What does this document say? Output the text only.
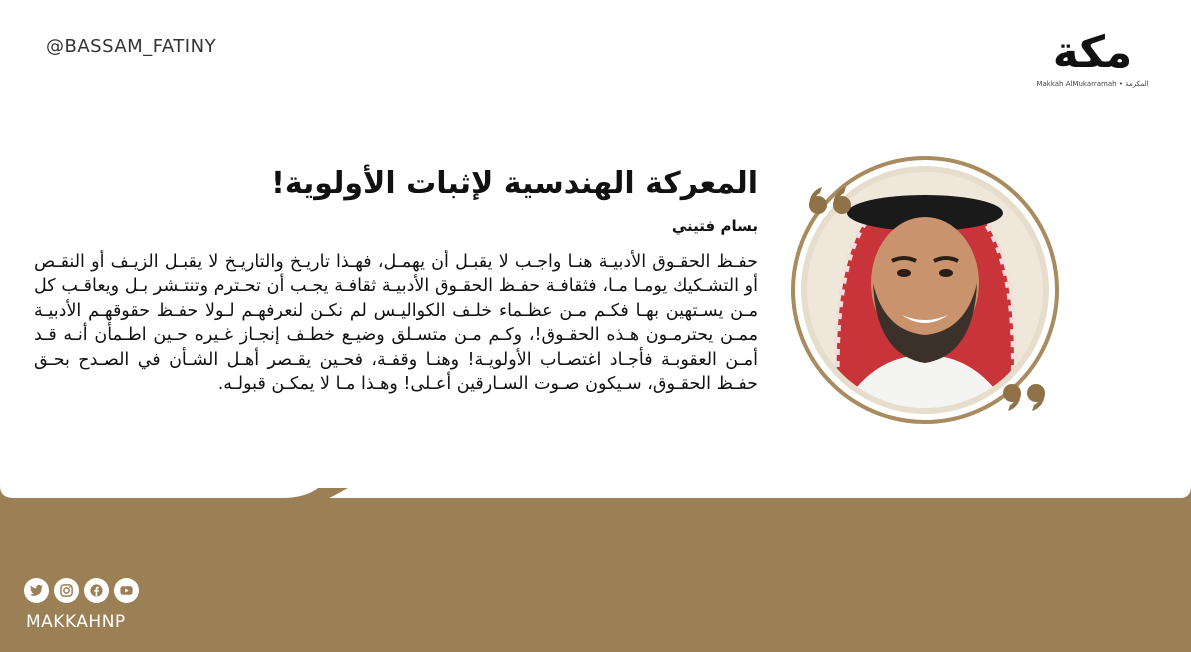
@BASSAM_FATINY	مكة
Makkah AlMukarramah • المكرمة
المعركة الهندسية لإثبات الأولوية!
بسام فتيني
حفـظ الحقـوق الأدبيـة هنـا واجـب لا يقبـل أن يهمـل، فهـذا تاريـخ والتاريـخ لا يقبـل الزيـف أو النقـص أو التشـكيك يومـا مـا، فثقافـة حفـظ الحقـوق الأدبيـة ثقافـة يجـب أن تحـترم وتنتـشر بـل ويعاقـب كل مـن يسـتهين بهـا فكـم مـن عظـماء خلـف الكواليـس لم نكـن لنعرفهـم لـولا حفـظ حقوقهـم الأدبيـة ممـن يحترمـون هـذه الحقـوق!، وكـم مـن متسـلق وضيـع خطـف إنجـاز غـيره حـين اطـمأن أنـه قـد أمـن العقوبـة فأجـاد اغتصـاب الأولويـة! وهنـا وقفـة، فحـين يقـصر أهـل الشـأن في الصـدح بحـق حفـظ الحقـوق، سـيكون صـوت السـارقين أعـلى! وهـذا مـا لا يمكـن قبولـه.
MAKKAHNP
